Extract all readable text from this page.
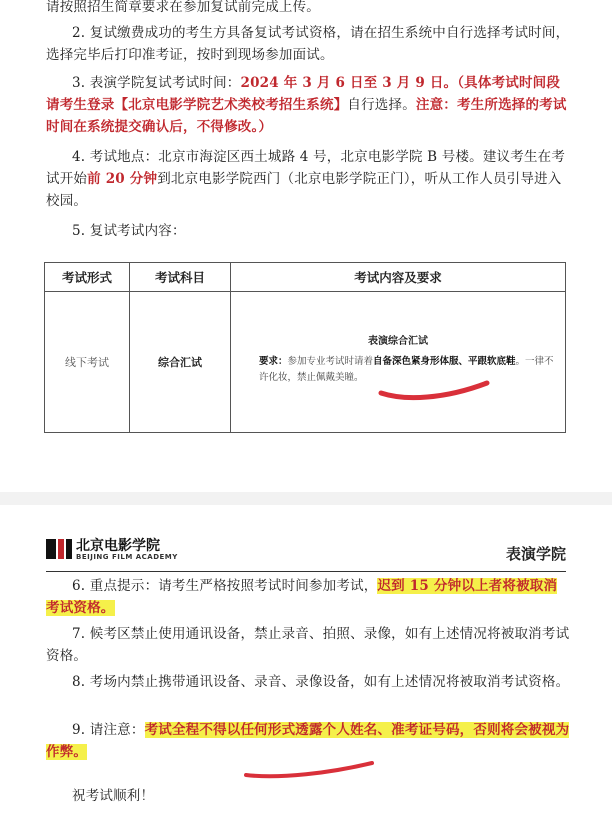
请按照招生简章要求在参加复试前完成上传。
2. 复试缴费成功的考生方具备复试考试资格，请在招生系统中自行选择考试时间，选择完毕后打印准考证，按时到现场参加面试。
3. 表演学院复试考试时间：2024 年 3 月 6 日至 3 月 9 日。（具体考试时间段请考生登录【北京电影学院艺术类校考招生系统】自行选择。注意：考生所选择的考试时间在系统提交确认后，不得修改。）
4. 考试地点：北京市海淀区西土城路 4 号，北京电影学院 B 号楼。建议考生在考试开始前 20 分钟到北京电影学院西门（北京电影学院正门），听从工作人员引导进入校园。
5. 复试考试内容：
考试形式	考试科目	考试内容及要求
线下考试	综合汇试	表演综合汇试
要求：参加专业考试时请着自备深色紧身形体服、平跟软底鞋。一律不许化妆，禁止佩戴美瞳。
北京电影学院
BEIJING FILM ACADEMY	表演学院
6. 重点提示：请考生严格按照考试时间参加考试，迟到 15 分钟以上者将被取消考试资格。
7. 候考区禁止使用通讯设备，禁止录音、拍照、录像，如有上述情况将被取消考试资格。
8. 考场内禁止携带通讯设备、录音、录像设备，如有上述情况将被取消考试资格。
9. 请注意：考试全程不得以任何形式透露个人姓名、准考证号码，否则将会被视为作弊。
祝考试顺利！
